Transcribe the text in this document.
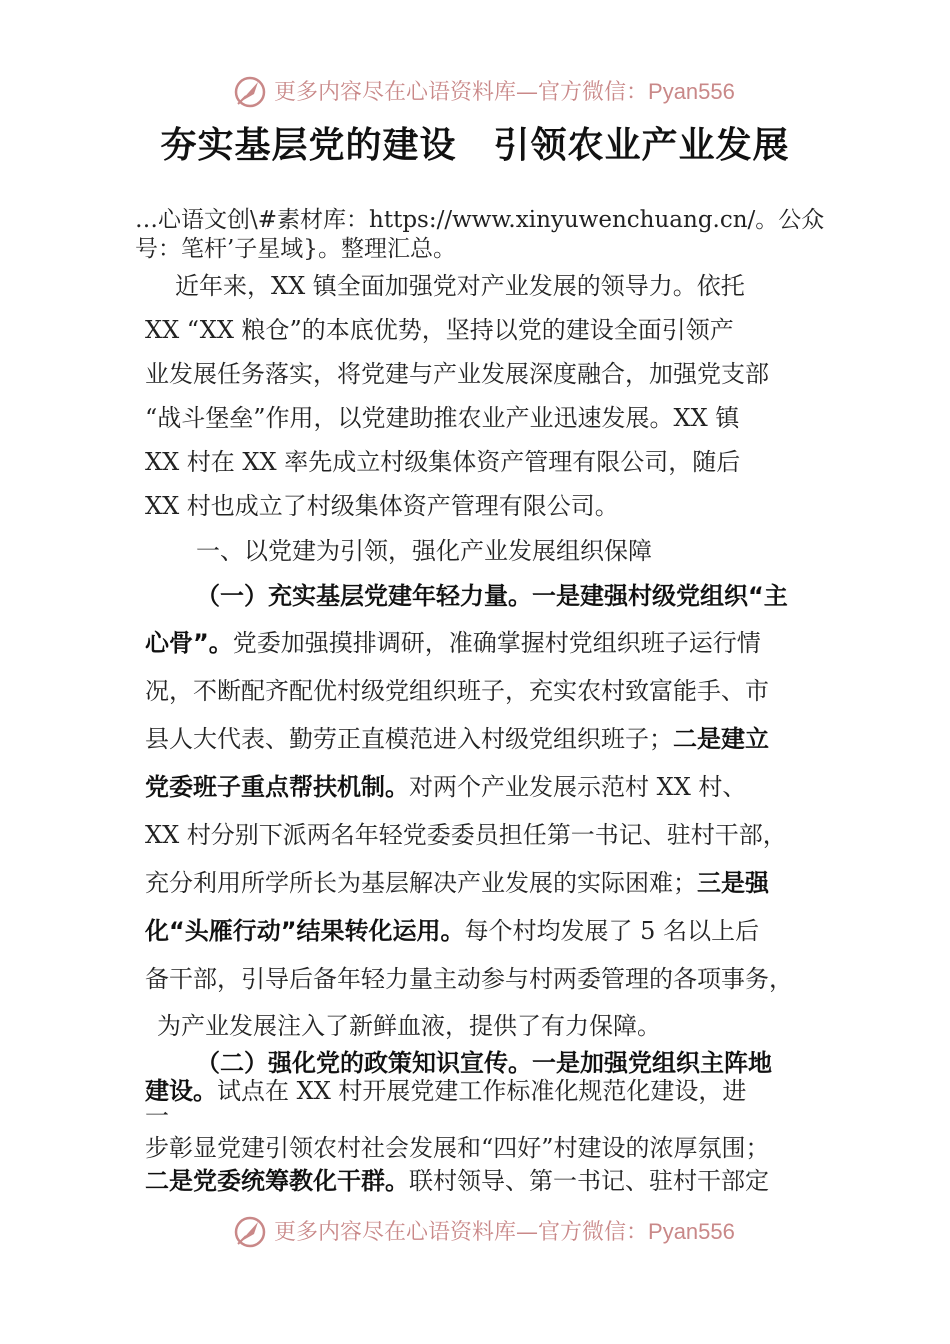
更多内容尽在心语资料库—官方微信：Pyan556
夯实基层党的建设　引领农业产业发展
…心语文创\#素材库：https://www.xinyuwenchuang.cn/。公众号：笔杆’子星域}。整理汇总。
近年来，XX 镇全面加强党对产业发展的领导力。依托
XX “XX 粮仓”的本底优势，坚持以党的建设全面引领产
业发展任务落实，将党建与产业发展深度融合，加强党支部
“战斗堡垒”作用，以党建助推农业产业迅速发展。XX 镇
XX 村在 XX 率先成立村级集体资产管理有限公司，随后
XX 村也成立了村级集体资产管理有限公司。
一、以党建为引领，强化产业发展组织保障
（一）充实基层党建年轻力量。一是建强村级党组织“主
心骨”。党委加强摸排调研，准确掌握村党组织班子运行情
况，不断配齐配优村级党组织班子，充实农村致富能手、市
县人大代表、勤劳正直模范进入村级党组织班子；二是建立
党委班子重点帮扶机制。对两个产业发展示范村 XX 村、
XX 村分别下派两名年轻党委委员担任第一书记、驻村干部，
充分利用所学所长为基层解决产业发展的实际困难；三是强
化“头雁行动”结果转化运用。每个村均发展了 5 名以上后
备干部，引导后备年轻力量主动参与村两委管理的各项事务，
为产业发展注入了新鲜血液，提供了有力保障。
（二）强化党的政策知识宣传。一是加强党组织主阵地
建设。试点在 XX 村开展党建工作标准化规范化建设，进
一
步彰显党建引领农村社会发展和“四好”村建设的浓厚氛围；
二是党委统筹教化干群。联村领导、第一书记、驻村干部定
更多内容尽在心语资料库—官方微信：Pyan556
